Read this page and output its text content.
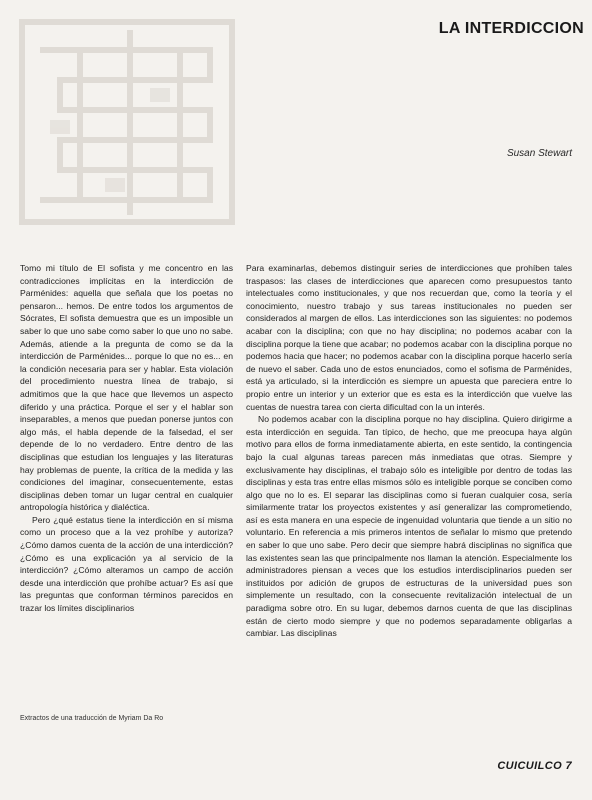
LA INTERDICCION
Susan Stewart

Tomo mi título de El sofista y me concentro en las contradicciones implícitas en la interdicción de Parménides: aquella que señala que los poetas no pensaron... hemos. De entre todos los argumentos de Sócrates, El sofista demuestra que es un imposible un saber lo que uno sabe como saber lo que uno no sabe. Además, atiende a la pregunta de como se da la interdicción de Parménides... porque lo que no es... en la condición necesaria para ser y hablar. Esta violación del procedimiento nuestra línea de trabajo, si admitimos que la que hace que llevemos un aspecto diferido y una práctica. Porque el ser y el hablar son inseparables, a menos que puedan ponerse juntos con algo más, el habla depende de la falsedad, el ser depende de lo no verdadero. Entre dentro de las disciplinas que estudian los lenguajes y las literaturas hay problemas de puente, la crítica de la medida y las condiciones del imaginar, consecuentemente, estas disciplinas deben tomar un lugar central en cualquier antropología histórica y dialéctica.

Pero ¿qué estatus tiene la interdicción en sí misma como un proceso que a la vez prohíbe y autoriza? ¿Cómo damos cuenta de la acción de una interdicción? ¿Cómo es una explicación ya al servicio de la interdicción? ¿Cómo alteramos un campo de acción desde una interdicción que prohíbe actuar? Es así que las preguntas que conforman términos parecidos en trazar los límites disciplinarios

Para examinarlas, debemos distinguir series de interdicciones que prohíben tales traspasos: las clases de interdicciones que aparecen como presupuestos tanto intelectuales como institucionales, y que nos recuerdan que, como la teoría y el conocimiento, nuestro trabajo y sus tareas institucionales no pueden ser considerados al margen de ellos. Las interdicciones son las siguientes: no podemos acabar con la disciplina; con que no hay disciplina; no podemos acabar con la disciplina porque la tiene que acabar; no podemos acabar con la disciplina porque no podemos hacia que hacer; no podemos acabar con la disciplina porque hacerlo sería de nuevo el saber. Cada uno de estos enunciados, como el sofisma de Parménides, está ya articulado, si la interdicción es siempre un apuesta que pareciera entre lo propio entre un interior y un exterior que es esta es la interdicción que vuelve las cuentas de nuestra tarea con cierta dificultad con la un interés.

No podemos acabar con la disciplina porque no hay disciplina. Quiero dirigirme a esta interdicción en seguida. Tan típico, de hecho, que me preocupa haya algún motivo para ellos de forma inmediatamente abierta, en este sentido, la contingencia bajo la cual algunas tareas parecen más inmediatas que otras. Siempre y exclusivamente hay disciplinas, el trabajo sólo es inteligible por dentro de todas las disciplinas y esta tras entre ellas mismos sólo es inteligible porque se conciben como algo que no lo es. El separar las disciplinas como si fueran cualquier cosa, sería similarmente tratar los proyectos existentes y así generalizar las comprometiendo, así es esta manera en una especie de ingenuidad voluntaria que tiende a un sitio no voluntario. En referencia a mis primeros intentos de señalar lo mismo que pretendo en saber lo que uno sabe. Pero decir que siempre habrá disciplinas no significa que las existentes sean las que principalmente nos llaman la atención. Especialmente los administradores piensan a veces que los estudios interdisciplinarios pueden ser instituidos por adición de grupos de estructuras de la universidad pues son simplemente un resultado, con la consecuente revitalización intelectual de un paradigma sobre otro. En su lugar, debemos darnos cuenta de que las disciplinas están de cierto modo siempre y que no podemos separadamente obligarlas a cambiar. Las disciplinas

Extractos de una traducción de Myriam Da Ro
CUICUILCO 7
